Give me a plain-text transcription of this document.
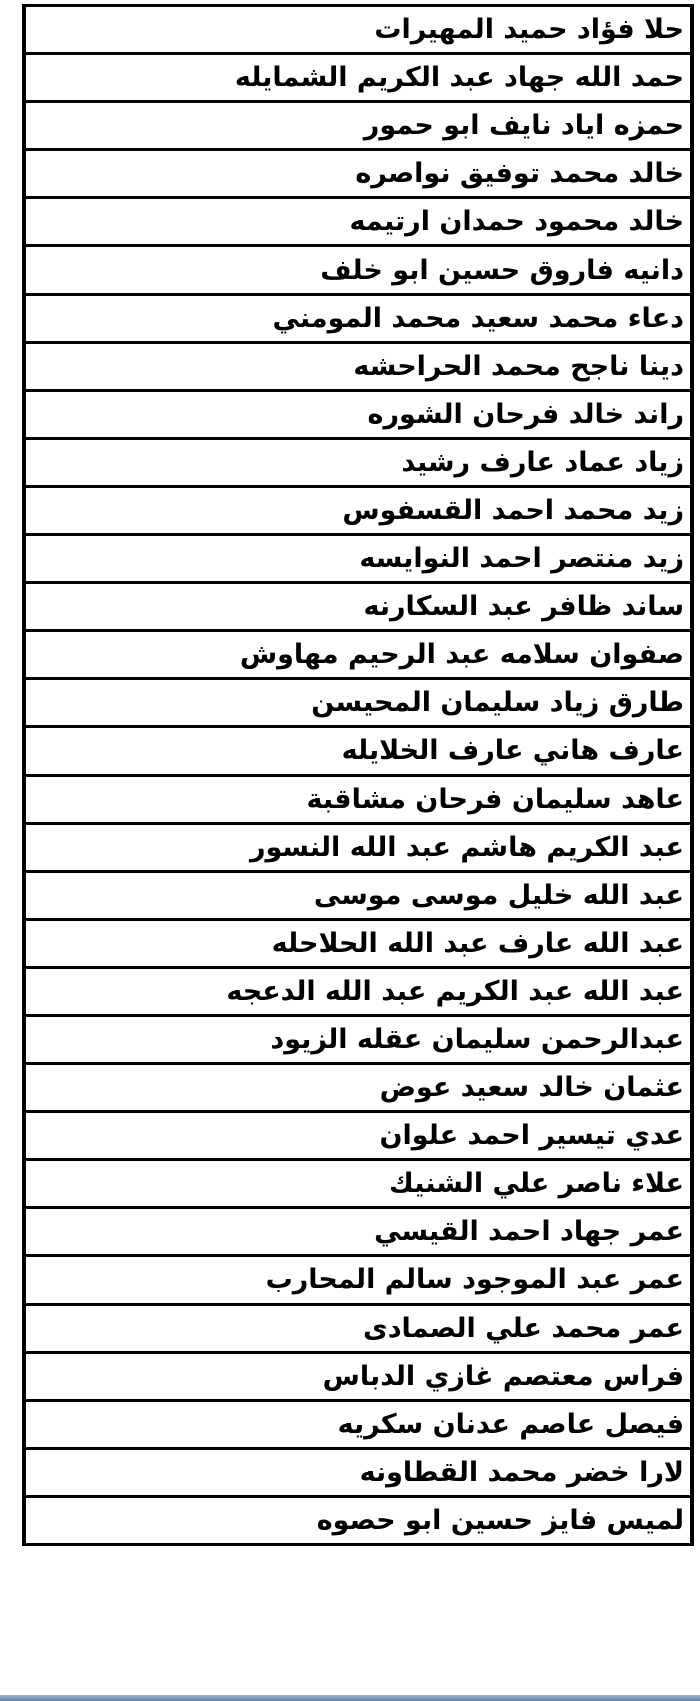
حلا فؤاد حميد المهيرات
حمد الله جهاد عبد الكريم الشمايله
حمزه اياد نايف ابو حمور
خالد محمد توفيق نواصره
خالد محمود حمدان ارتيمه
دانيه فاروق حسين ابو خلف
دعاء محمد سعيد محمد المومني
دينا ناجح محمد الحراحشه
راند خالد فرحان الشوره
زياد عماد عارف رشيد
زيد محمد احمد القسفوس
زيد منتصر احمد النوايسه
ساند ظافر عبد السكارنه
صفوان سلامه عبد الرحيم مهاوش
طارق زياد سليمان المحيسن
عارف هاني عارف الخلايله
عاهد سليمان فرحان مشاقبة
عبد الكريم هاشم عبد الله النسور
عبد الله خليل موسى موسى
عبد الله عارف عبد الله الحلاحله
عبد الله عبد الكريم عبد الله الدعجه
عبدالرحمن سليمان عقله الزيود
عثمان خالد سعيد عوض
عدي تيسير احمد علوان
علاء ناصر علي الشنيك
عمر جهاد احمد القيسي
عمر عبد الموجود سالم المحارب
عمر محمد علي الصمادى
فراس معتصم غازي الدباس
فيصل عاصم عدنان سكريه
لارا خضر محمد القطاونه
لميس فايز حسين ابو حصوه
